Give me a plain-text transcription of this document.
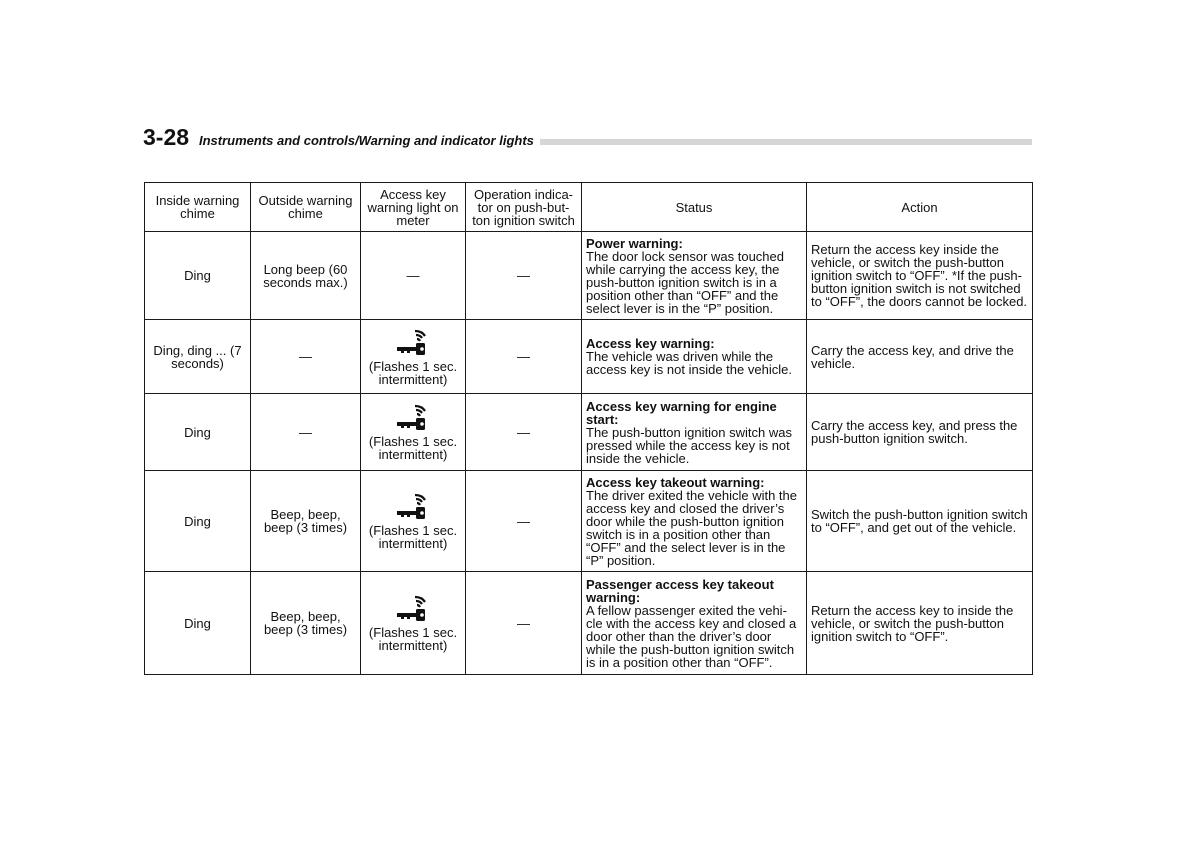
3-28 Instruments and controls/Warning and indicator lights
Inside warning chime	Outside warning chime	Access key warning light on meter	Operation indica- tor on push-but- ton ignition switch	Status	Action
Ding	Long beep (60 seconds max.)	—	—	Power warning:
The door lock sensor was touched while carrying the access key, the push-button ignition switch is in a position other than “OFF” and the select lever is in the “P” position.	Return the access key inside the vehicle, or switch the push-button ignition switch to “OFF”. *If the push-button ignition switch is not switched to “OFF”, the doors cannot be locked.
Ding, ding ... (7 seconds)	—	(Flashes 1 sec. intermittent)	—	Access key warning:
The vehicle was driven while the access key is not inside the vehicle.	Carry the access key, and drive the vehicle.
Ding	—	(Flashes 1 sec. intermittent)	—	Access key warning for engine start:
The push-button ignition switch was pressed while the access key is not inside the vehicle.	Carry the access key, and press the push-button ignition switch.
Ding	Beep, beep, beep (3 times)	(Flashes 1 sec. intermittent)	—	Access key takeout warning:
The driver exited the vehicle with the access key and closed the driver’s door while the push-button ignition switch is in a position other than “OFF” and the select lever is in the “P” position.	Switch the push-button ignition switch to “OFF”, and get out of the vehicle.
Ding	Beep, beep, beep (3 times)	(Flashes 1 sec. intermittent)	—	Passenger access key takeout warning:
A fellow passenger exited the vehi- cle with the access key and closed a door other than the driver’s door while the push-button ignition switch is in a position other than “OFF”.	Return the access key to inside the vehicle, or switch the push-button ignition switch to “OFF”.
